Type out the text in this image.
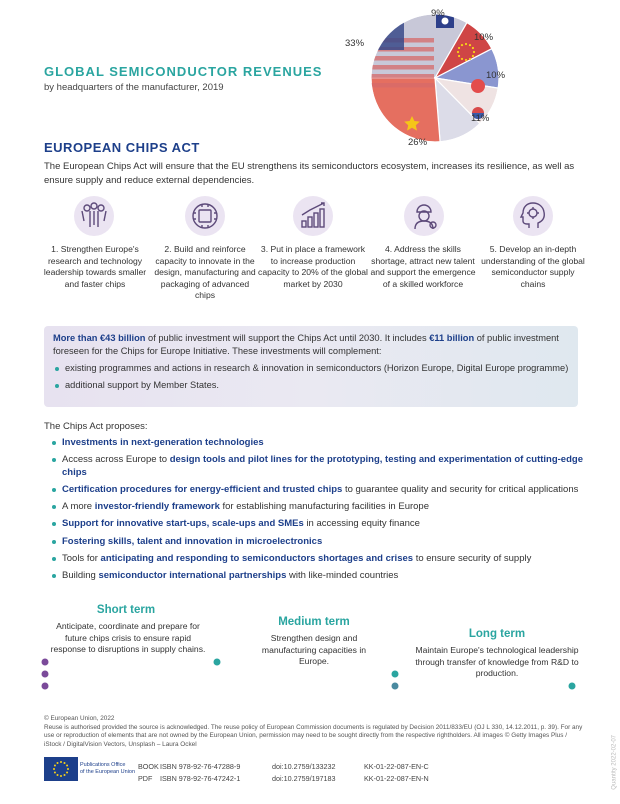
GLOBAL SEMICONDUCTOR REVENUES
by headquarters of the manufacturer, 2019
33%
9%
10%
10%
11%
26%
EUROPEAN CHIPS ACT
The European Chips Act will ensure that the EU strengthens its semiconductors ecosystem, increases its resilience, as well as ensure supply and reduce external dependencies.
1. Strengthen Europe's research and technology leadership towards smaller and faster chips
2. Build and reinforce capacity to innovate in the design, manufacturing and packaging of advanced chips
3. Put in place a framework to increase production capacity to 20% of the global market by 2030
4. Address the skills shortage, attract new talent and support the emergence of a skilled workforce
5. Develop an in-depth understanding of the global semiconductor supply chains
More than €43 billion of public investment will support the Chips Act until 2030. It includes €11 billion of public investment foreseen for the Chips for Europe Initiative. These investments will complement:
existing programmes and actions in research & innovation in semiconductors (Horizon Europe, Digital Europe programme)
additional support by Member States.
The Chips Act proposes:
Investments in next-generation technologies
Access across Europe to design tools and pilot lines for the prototyping, testing and experimentation of cutting-edge chips
Certification procedures for energy-efficient and trusted chips to guarantee quality and security for critical applications
A more investor-friendly framework for establishing manufacturing facilities in Europe
Support for innovative start-ups, scale-ups and SMEs in accessing equity finance
Fostering skills, talent and innovation in microelectronics
Tools for anticipating and responding to semiconductors shortages and crises to ensure security of supply
Building semiconductor international partnerships with like-minded countries
Short term
Anticipate, coordinate and prepare for future chips crisis to ensure rapid response to disruptions in supply chains.
Medium term
Strengthen design and manufacturing capacities in Europe.
Long term
Maintain Europe's technological leadership through transfer of knowledge from R&D to production.
© European Union, 2022
Reuse is authorised provided the source is acknowledged. The reuse policy of European Commission documents is regulated by Decision 2011/833/EU (OJ L 330, 14.12.2011, p. 39). For any use or reproduction of elements that are not owned by the European Union, permission may need to be sought directly from the respective rightholders. All images © Getty Images Plus / iStock / DigitalVision Vectors, Unsplash – Laura Ockel
Publications Office
of the European Union
BOOK ISBN 978-92-76-47288-9	doi:10.2759/133232	KK-01-22-087-EN-C
PDF ISBN 978-92-76-47242-1	doi:10.2759/197183	KK-01-22-087-EN-N	Quantity 2022-02-07
